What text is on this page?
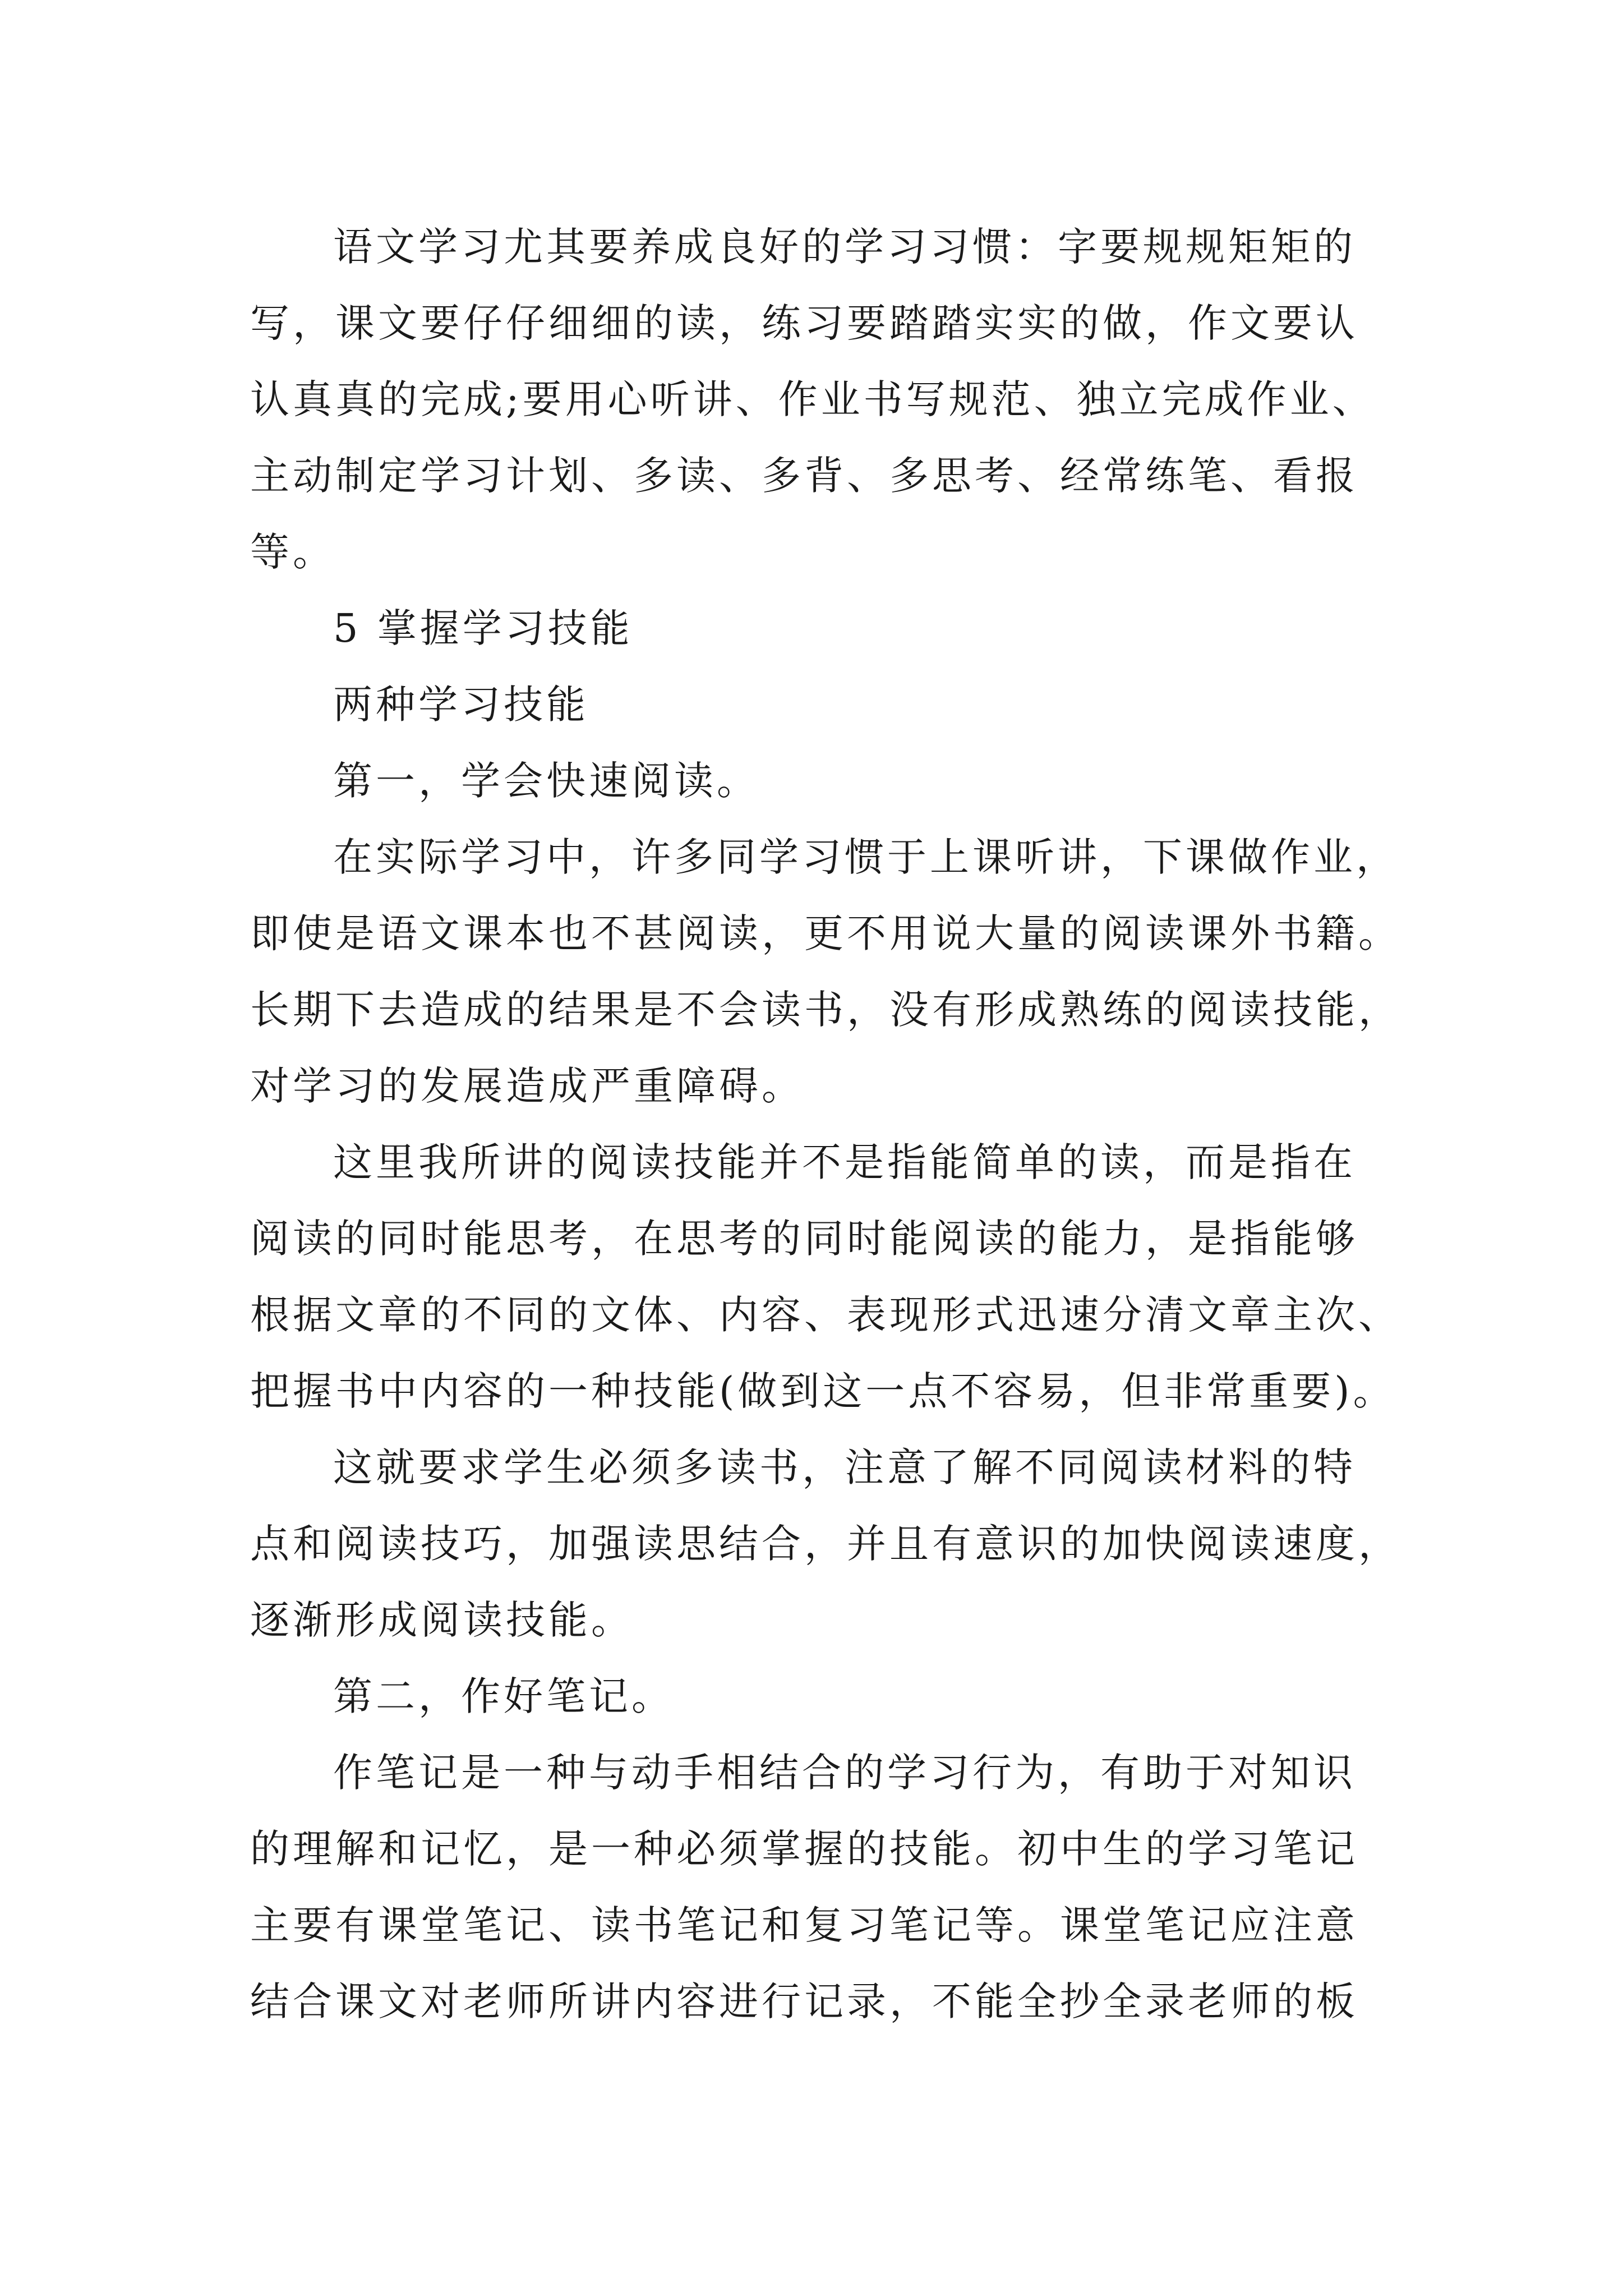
语文学习尤其要养成良好的学习习惯：字要规规矩矩的
写，课文要仔仔细细的读，练习要踏踏实实的做，作文要认
认真真的完成;要用心听讲、作业书写规范、独立完成作业、
主动制定学习计划、多读、多背、多思考、经常练笔、看报
等。
5 掌握学习技能
两种学习技能
第一，学会快速阅读。
在实际学习中，许多同学习惯于上课听讲，下课做作业，
即使是语文课本也不甚阅读，更不用说大量的阅读课外书籍。
长期下去造成的结果是不会读书，没有形成熟练的阅读技能，
对学习的发展造成严重障碍。
这里我所讲的阅读技能并不是指能简单的读，而是指在
阅读的同时能思考，在思考的同时能阅读的能力，是指能够
根据文章的不同的文体、内容、表现形式迅速分清文章主次、
把握书中内容的一种技能(做到这一点不容易，但非常重要)。
这就要求学生必须多读书，注意了解不同阅读材料的特
点和阅读技巧，加强读思结合，并且有意识的加快阅读速度，
逐渐形成阅读技能。
第二，作好笔记。
作笔记是一种与动手相结合的学习行为，有助于对知识
的理解和记忆，是一种必须掌握的技能。初中生的学习笔记
主要有课堂笔记、读书笔记和复习笔记等。课堂笔记应注意
结合课文对老师所讲内容进行记录，不能全抄全录老师的板
